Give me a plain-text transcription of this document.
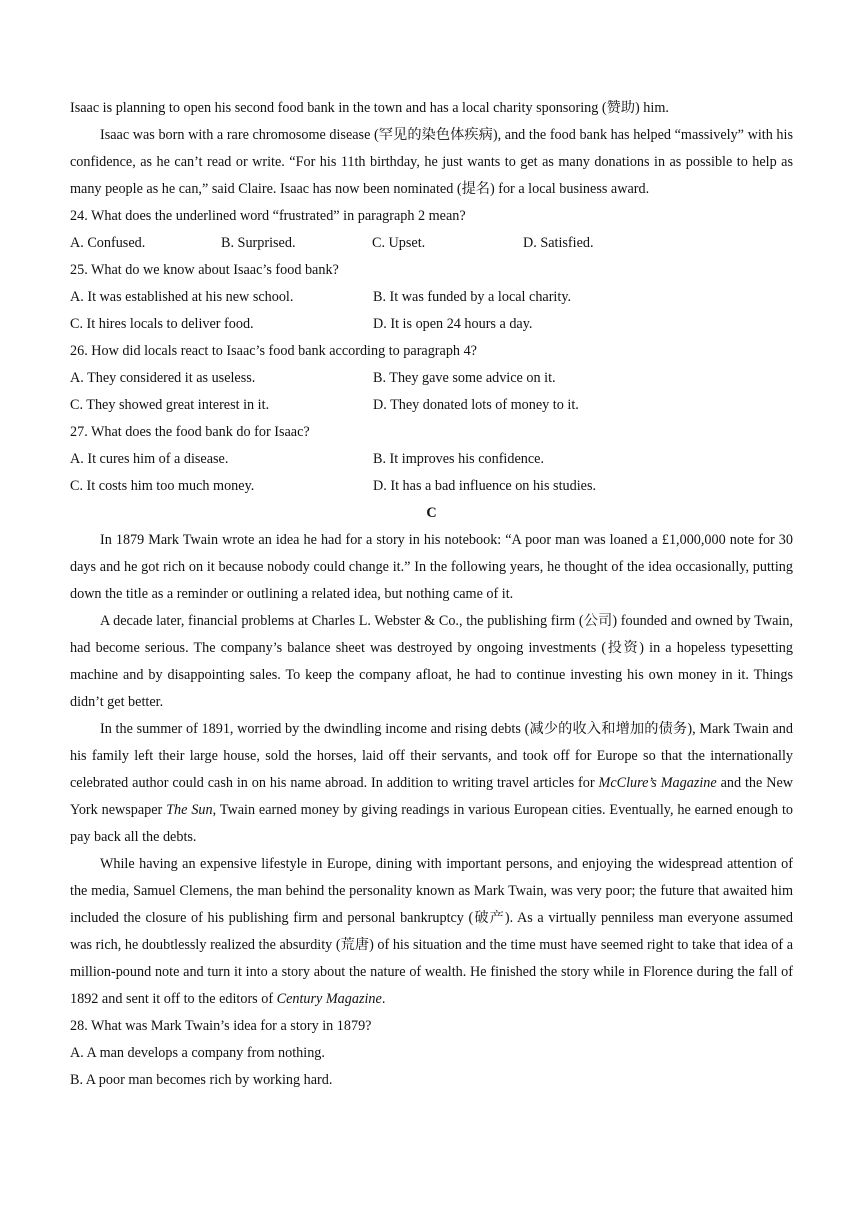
Isaac is planning to open his second food bank in the town and has a local charity sponsoring (赞助) him.
Isaac was born with a rare chromosome disease (罕见的染色体疾病), and the food bank has helped “massively” with his confidence, as he can’t read or write. “For his 11th birthday, he just wants to get as many donations in as possible to help as many people as he can,” said Claire. Isaac has now been nominated (提名) for a local business award.
24. What does the underlined word “frustrated” in paragraph 2 mean?
A. Confused.	B. Surprised.	C. Upset.	D. Satisfied.
25. What do we know about Isaac’s food bank?
A. It was established at his new school.	B. It was funded by a local charity.
C. It hires locals to deliver food.	D. It is open 24 hours a day.
26. How did locals react to Isaac’s food bank according to paragraph 4?
A. They considered it as useless.	B. They gave some advice on it.
C. They showed great interest in it.	D. They donated lots of money to it.
27. What does the food bank do for Isaac?
A. It cures him of a disease.	B. It improves his confidence.
C. It costs him too much money.	D. It has a bad influence on his studies.
C
In 1879 Mark Twain wrote an idea he had for a story in his notebook: “A poor man was loaned a £1,000,000 note for 30 days and he got rich on it because nobody could change it.” In the following years, he thought of the idea occasionally, putting down the title as a reminder or outlining a related idea, but nothing came of it.
A decade later, financial problems at Charles L. Webster & Co., the publishing firm (公司) founded and owned by Twain, had become serious. The company’s balance sheet was destroyed by ongoing investments (投资) in a hopeless typesetting machine and by disappointing sales. To keep the company afloat, he had to continue investing his own money in it. Things didn’t get better.
In the summer of 1891, worried by the dwindling income and rising debts (减少的收入和增加的债务), Mark Twain and his family left their large house, sold the horses, laid off their servants, and took off for Europe so that the internationally celebrated author could cash in on his name abroad. In addition to writing travel articles for McClure’s Magazine and the New York newspaper The Sun, Twain earned money by giving readings in various European cities. Eventually, he earned enough to pay back all the debts.
While having an expensive lifestyle in Europe, dining with important persons, and enjoying the widespread attention of the media, Samuel Clemens, the man behind the personality known as Mark Twain, was very poor; the future that awaited him included the closure of his publishing firm and personal bankruptcy (破产). As a virtually penniless man everyone assumed was rich, he doubtlessly realized the absurdity (荒唐) of his situation and the time must have seemed right to take that idea of a million-pound note and turn it into a story about the nature of wealth. He finished the story while in Florence during the fall of 1892 and sent it off to the editors of Century Magazine.
28. What was Mark Twain’s idea for a story in 1879?
A. A man develops a company from nothing.
B. A poor man becomes rich by working hard.
